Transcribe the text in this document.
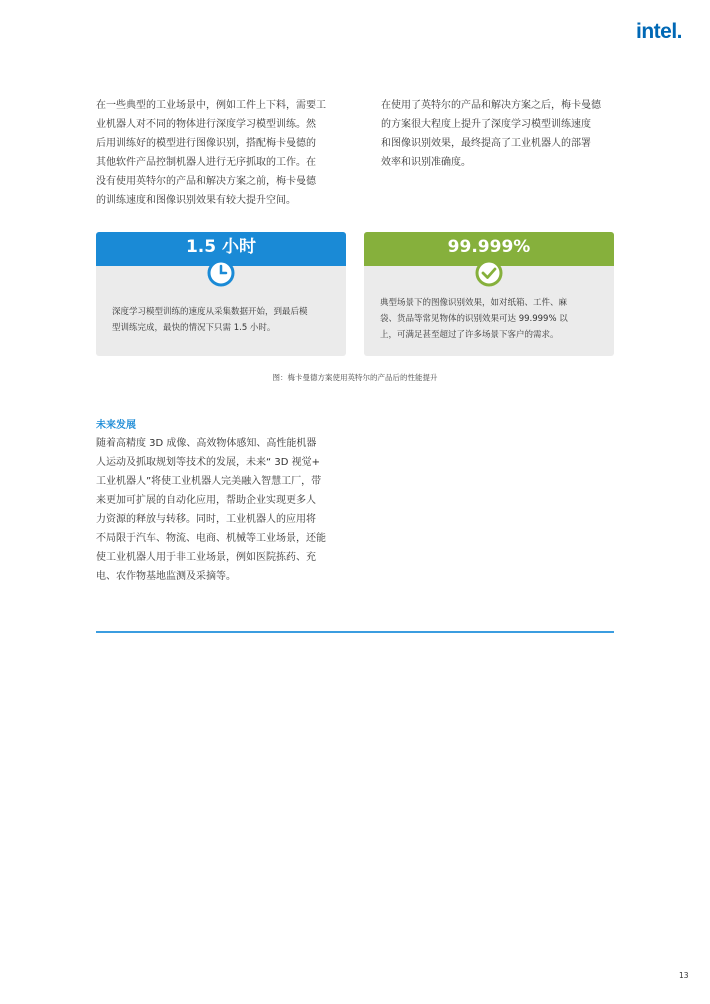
intel.
在一些典型的工业场景中，例如工件上下料，需要工
业机器人对不同的物体进行深度学习模型训练。然
后用训练好的模型进行图像识别，搭配梅卡曼德的
其他软件产品控制机器人进行无序抓取的工作。在
没有使用英特尔的产品和解决方案之前，梅卡曼德
的训练速度和图像识别效果有较大提升空间。
在使用了英特尔的产品和解决方案之后，梅卡曼德
的方案很大程度上提升了深度学习模型训练速度
和图像识别效果，最终提高了工业机器人的部署
效率和识别准确度。
1.5 小时
深度学习模型训练的速度从采集数据开始，到最后模
型训练完成，最快的情况下只需 1.5 小时。
99.999%
典型场景下的图像识别效果，如对纸箱、工件、麻
袋、货品等常见物体的识别效果可达 99.999% 以
上，可满足甚至超过了许多场景下客户的需求。
图：梅卡曼德方案使用英特尔的产品后的性能提升
未来发展
随着高精度 3D 成像、高效物体感知、高性能机器
人运动及抓取规划等技术的发展，未来“ 3D 视觉+
工业机器人”将使工业机器人完美融入智慧工厂，带
来更加可扩展的自动化应用，帮助企业实现更多人
力资源的释放与转移。同时，工业机器人的应用将
不局限于汽车、物流、电商、机械等工业场景，还能
使工业机器人用于非工业场景，例如医院拣药、充
电、农作物基地监测及采摘等。
13
